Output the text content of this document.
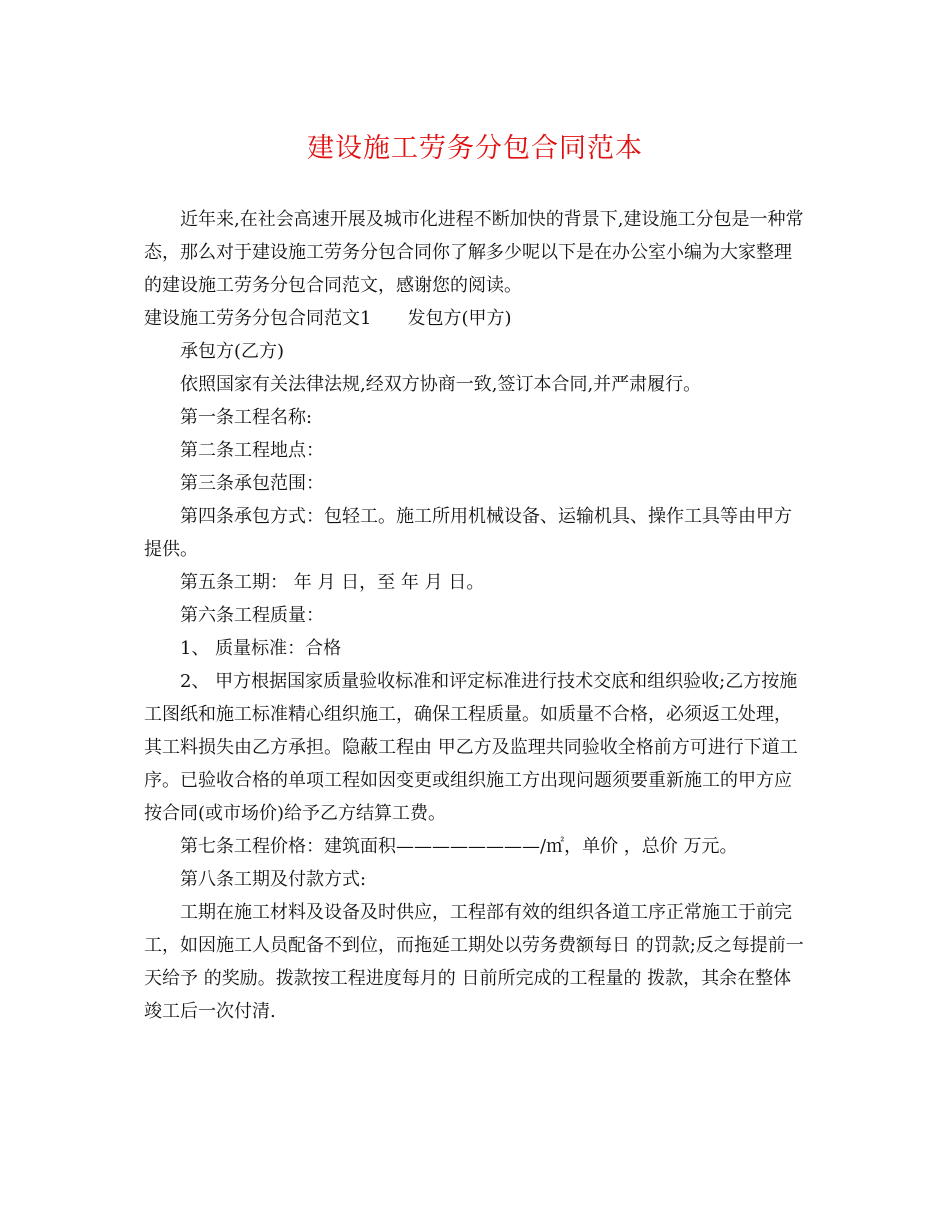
建设施工劳务分包合同范本

近年来,在社会高速开展及城市化进程不断加快的背景下,建设施工分包是一种常态，那么对于建设施工劳务分包合同你了解多少呢以下是在办公室小编为大家整理的建设施工劳务分包合同范文，感谢您的阅读。

建设施工劳务分包合同范文1　　发包方(甲方)

承包方(乙方)

依照国家有关法律法规,经双方协商一致,签订本合同,并严肃履行。

第一条工程名称:

第二条工程地点：

第三条承包范围：

第四条承包方式：包轻工。施工所用机械设备、运输机具、操作工具等由甲方提供。

第五条工期： 年 月 日，至 年 月 日。

第六条工程质量：

1、 质量标准：合格

2、 甲方根据国家质量验收标准和评定标准进行技术交底和组织验收;乙方按施工图纸和施工标准精心组织施工，确保工程质量。如质量不合格，必须返工处理，其工料损失由乙方承担。隐蔽工程由 甲乙方及监理共同验收全格前方可进行下道工序。已验收合格的单项工程如因变更或组织施工方出现问题须要重新施工的甲方应按合同(或市场价)给予乙方结算工费。

第七条工程价格：建筑面积————————/㎡，单价 ，总价 万元。

第八条工期及付款方式:

工期在施工材料及设备及时供应，工程部有效的组织各道工序正常施工于前完工，如因施工人员配备不到位，而拖延工期处以劳务费额每日 的罚款;反之每提前一天给予 的奖励。拨款按工程进度每月的 日前所完成的工程量的 拨款，其余在整体竣工后一次付清.
